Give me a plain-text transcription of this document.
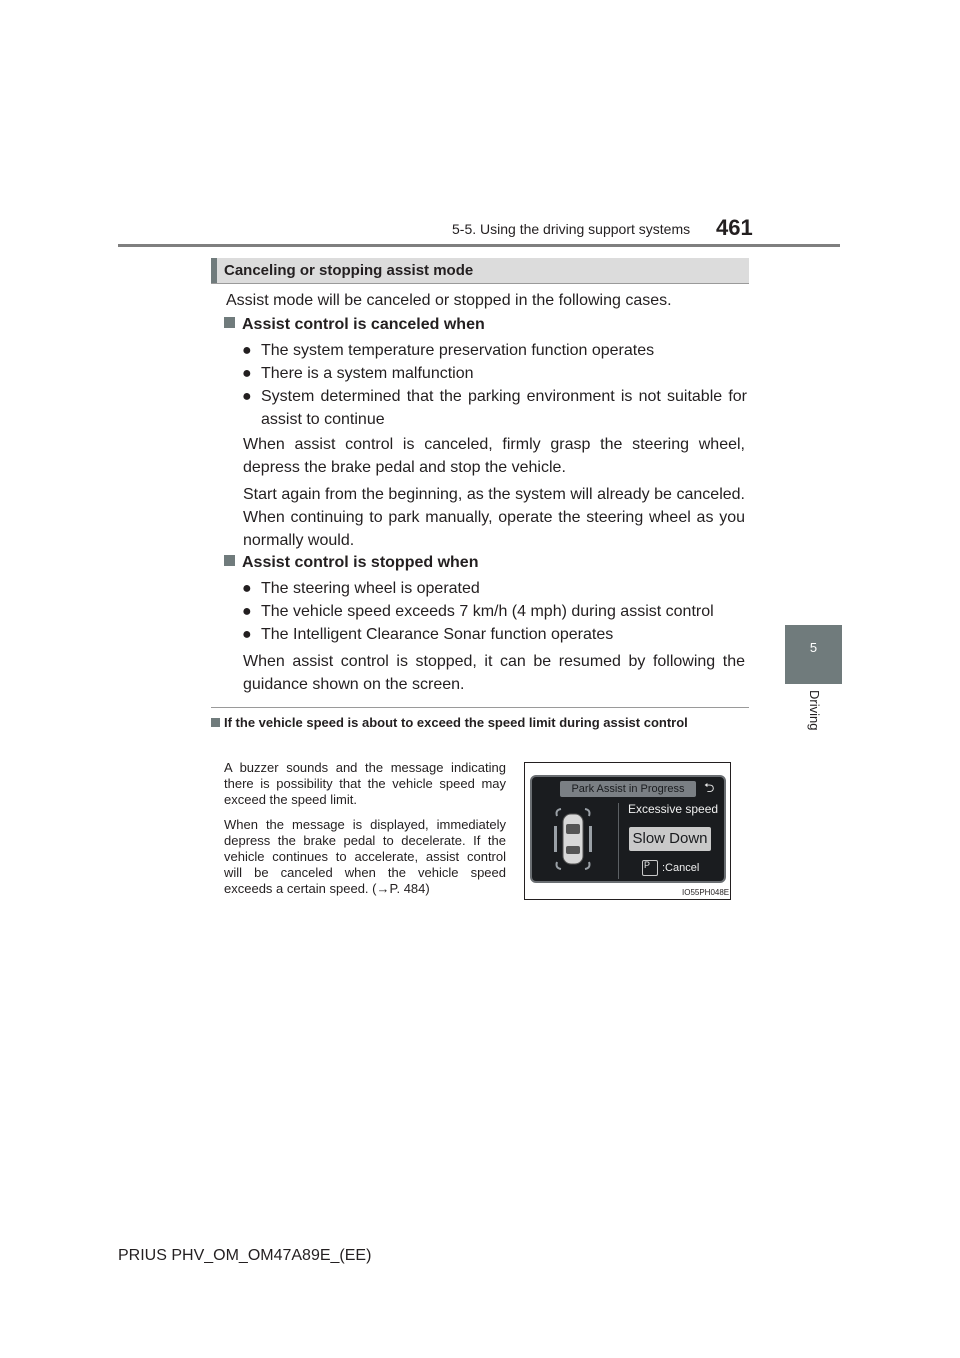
5-5. Using the driving support systems 461
5
Driving
Canceling or stopping assist mode
Assist mode will be canceled or stopped in the following cases.
Assist control is canceled when
● The system temperature preservation function operates
● There is a system malfunction
● System determined that the parking environment is not suitable for assist to continue
When assist control is canceled, firmly grasp the steering wheel, depress the brake pedal and stop the vehicle.
Start again from the beginning, as the system will already be canceled. When continuing to park manually, operate the steering wheel as you normally would.
Assist control is stopped when
● The steering wheel is operated
● The vehicle speed exceeds 7 km/h (4 mph) during assist control
● The Intelligent Clearance Sonar function operates
When assist control is stopped, it can be resumed by following the guidance shown on the screen.
If the vehicle speed is about to exceed the speed limit during assist control
A buzzer sounds and the message indicating there is possibility that the vehicle speed may exceed the speed limit.
When the message is displayed, immediately depress the brake pedal to decelerate. If the vehicle continues to accelerate, assist control will be canceled when the vehicle speed exceeds a certain speed. (→P. 484)
Park Assist in Progress	⮌
Excessive speed
Slow Down
P	:Cancel
IO55PH048E
PRIUS PHV_OM_OM47A89E_(EE)
